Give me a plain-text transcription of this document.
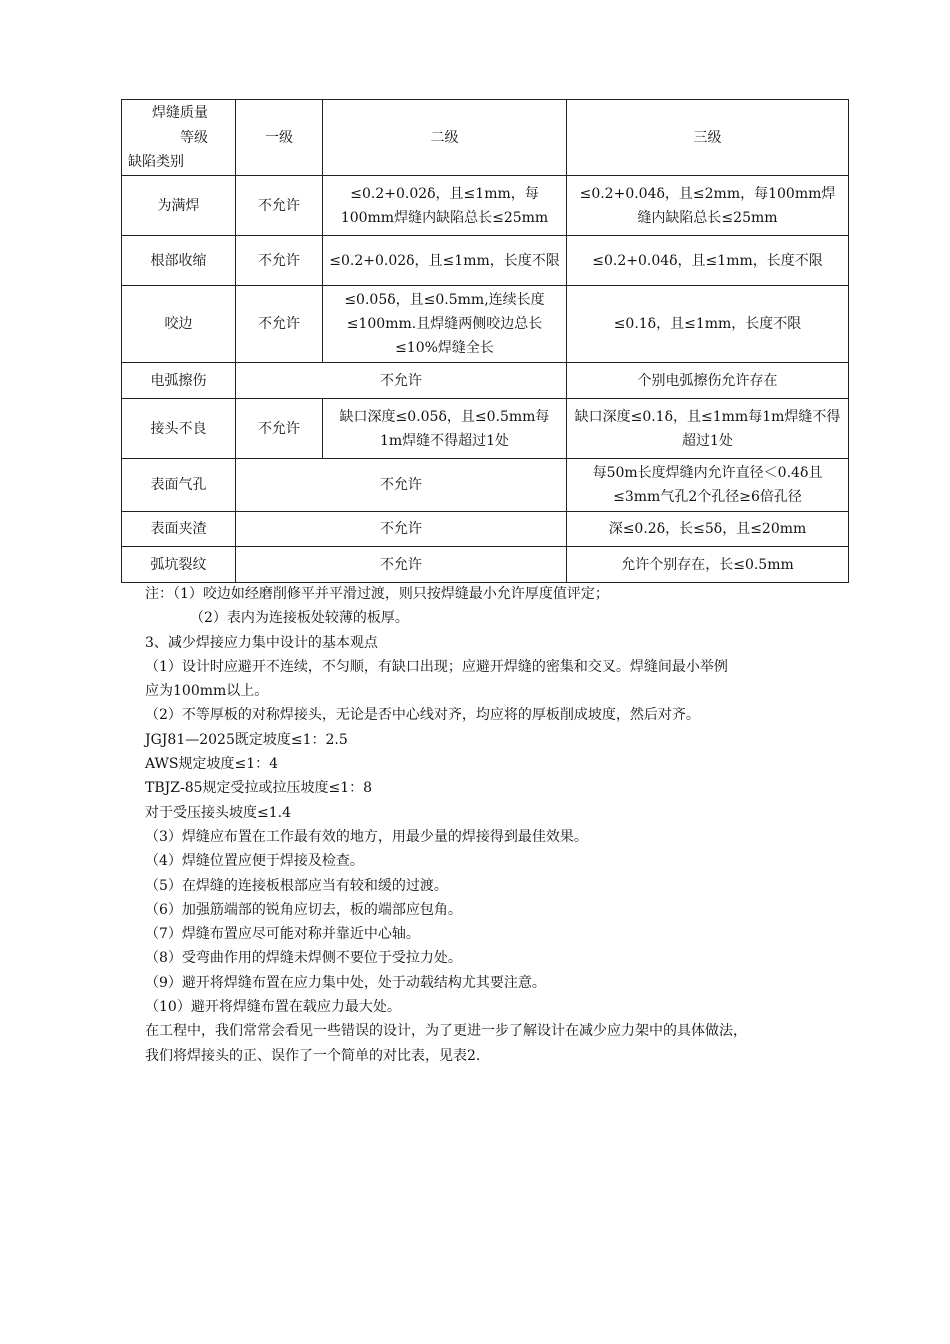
焊缝质量
等级
缺陷类别	一级	二级	三级
为满焊	不允许	≤0.2+0.02δ，且≤1mm，每100mm焊缝内缺陷总长≤25mm	≤0.2+0.04δ，且≤2mm，每100mm焊缝内缺陷总长≤25mm
根部收缩	不允许	≤0.2+0.02δ，且≤1mm，长度不限	≤0.2+0.04δ，且≤1mm，长度不限
咬边	不允许	≤0.05δ，且≤0.5mm,连续长度≤100mm.且焊缝两侧咬边总长≤10%焊缝全长	≤0.1δ，且≤1mm，长度不限
电弧擦伤	不允许		个别电弧擦伤允许存在
接头不良	不允许	缺口深度≤0.05δ，且≤0.5mm每1m焊缝不得超过1处	缺口深度≤0.1δ，且≤1mm每1m焊缝不得超过1处
表面气孔	不允许		每50m长度焊缝内允许直径＜0.4δ且≤3mm气孔2个孔径≥6倍孔径
表面夹渣	不允许		深≤0.2δ，长≤5δ，且≤20mm
弧坑裂纹	不允许		允许个别存在，长≤0.5mm

注：（1）咬边如经磨削修平并平滑过渡，则只按焊缝最小允许厚度值评定；

（2）表内为连接板处较薄的板厚。

3、减少焊接应力集中设计的基本观点

（1）设计时应避开不连续，不匀顺，有缺口出现；应避开焊缝的密集和交叉。焊缝间最小举例

应为100mm以上。

（2）不等厚板的对称焊接头，无论是否中心线对齐，均应将的厚板削成坡度，然后对齐。

JGJ81—2025既定坡度≤1：2.5

AWS规定坡度≤1：4

TBJZ-85规定受拉或拉压坡度≤1：8

对于受压接头坡度≤1.4

（3）焊缝应布置在工作最有效的地方，用最少量的焊接得到最佳效果。

（4）焊缝位置应便于焊接及检查。

（5）在焊缝的连接板根部应当有较和缓的过渡。

（6）加强筋端部的锐角应切去，板的端部应包角。

（7）焊缝布置应尽可能对称并靠近中心轴。

（8）受弯曲作用的焊缝未焊侧不要位于受拉力处。

（9）避开将焊缝布置在应力集中处，处于动载结构尤其要注意。

（10）避开将焊缝布置在载应力最大处。

在工程中，我们常常会看见一些错误的设计，为了更进一步了解设计在减少应力架中的具体做法，

我们将焊接头的正、误作了一个简单的对比表，见表2.
